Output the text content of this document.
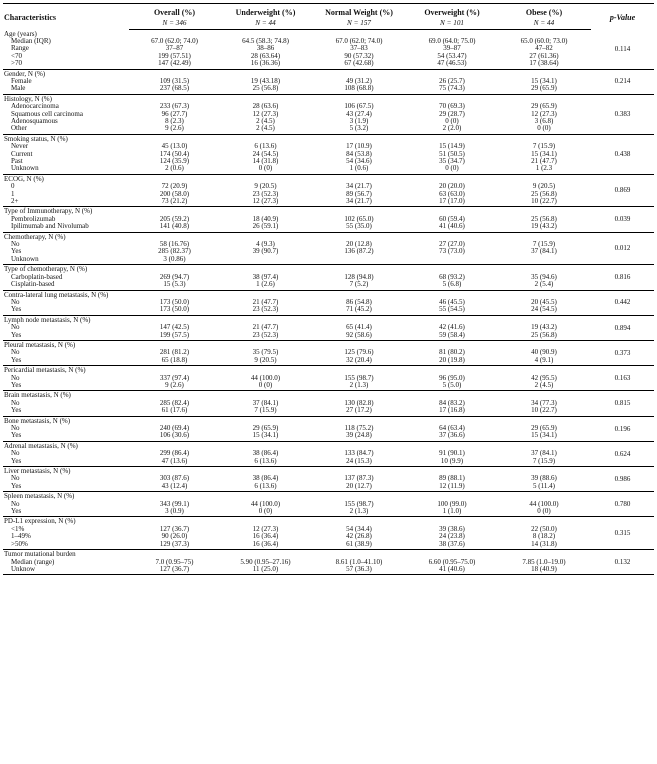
Characteristics	Overall (%)	Underweight (%)	Normal Weight (%)	Overweight (%)	Obese (%)	p-Value
	N = 346	N = 44	N = 157	N = 101	N = 44	
Age (years)						0.114
Median (IQR)	67.0 (62.0; 74.0)	64.5 (58.3; 74.8)	67.0 (62.0; 74.0)	69.0 (64.0; 75.0)	65.0 (60.0; 73.0)	
Range	37–87	38–86	37–83	39–87	47–82	
<70	199 (57.51)	28 (63.64)	90 (57.32)	54 (53.47)	27 (61.36)	
>70	147 (42.49)	16 (36.36)	67 (42.68)	47 (46.53)	17 (38.64)	
Gender, N (%)						0.214
Female	109 (31.5)	19 (43.18)	49 (31.2)	26 (25.7)	15 (34.1)	
Male	237 (68.5)	25 (56.8)	108 (68.8)	75 (74.3)	29 (65.9)	
Histology, N (%)						0.383
Adenocarcinoma	233 (67.3)	28 (63.6)	106 (67.5)	70 (69.3)	29 (65.9)	
Squamous cell carcinoma	96 (27.7)	12 (27.3)	43 (27.4)	29 (28.7)	12 (27.3)	
Adenosquamous	8 (2.3)	2 (4.5)	3 (1.9)	0 (0)	3 (6.8)	
Other	9 (2.6)	2 (4.5)	5 (3.2)	2 (2.0)	0 (0)	
Smoking status, N (%)						0.438
Never	45 (13.0)	6 (13.6)	17 (10.9)	15 (14.9)	7 (15.9)	
Current	174 (50.4)	24 (54.5)	84 (53.8)	51 (50.5)	15 (34.1)	
Past	124 (35.9)	14 (31.8)	54 (34.6)	35 (34.7)	21 (47.7)	
Unknown	2 (0.6)	0 (0)	1 (0.6)	0 (0)	1 (2.3	
ECOG, N (%)						0.869
0	72 (20.9)	9 (20.5)	34 (21.7)	20 (20.0)	9 (20.5)	
1	200 (58.0)	23 (52.3)	89 (56.7)	63 (63.0)	25 (56.8)	
2+	73 (21.2)	12 (27.3)	34 (21.7)	17 (17.0)	10 (22.7)	
Type of Immunotherapy, N (%)						0.039
Pembrolizumab	205 (59.2)	18 (40.9)	102 (65.0)	60 (59.4)	25 (56.8)	
Ipilimumab and Nivolumab	141 (40.8)	26 (59.1)	55 (35.0)	41 (40.6)	19 (43.2)	
Chemotherapy, N (%)						0.012
No	58 (16.76)	4 (9.3)	20 (12.8)	27 (27.0)	7 (15.9)	
Yes	285 (82.37)	39 (90.7)	136 (87.2)	73 (73.0)	37 (84.1)	
Unknown	3 (0.86)					
Type of chemotherapy, N (%)						0.816
Carboplatin-based	269 (94.7)	38 (97.4)	128 (94.8)	68 (93.2)	35 (94.6)	
Cisplatin-based	15 (5.3)	1 (2.6)	7 (5.2)	5 (6.8)	2 (5.4)	
Contra-lateral lung metastasis, N (%)						0.442
No	173 (50.0)	21 (47.7)	86 (54.8)	46 (45.5)	20 (45.5)	
Yes	173 (50.0)	23 (52.3)	71 (45.2)	55 (54.5)	24 (54.5)	
Lymph node metastasis, N (%)						0.894
No	147 (42.5)	21 (47.7)	65 (41.4)	42 (41.6)	19 (43.2)	
Yes	199 (57.5)	23 (52.3)	92 (58.6)	59 (58.4)	25 (56.8)	
Pleural metastasis, N (%)						0.373
No	281 (81.2)	35 (79.5)	125 (79.6)	81 (80.2)	40 (90.9)	
Yes	65 (18.8)	9 (20.5)	32 (20.4)	20 (19.8)	4 (9.1)	
Pericardial metastasis, N (%)						0.163
No	337 (97.4)	44 (100.0)	155 (98.7)	96 (95.0)	42 (95.5)	
Yes	9 (2.6)	0 (0)	2 (1.3)	5 (5.0)	2 (4.5)	
Brain metastasis, N (%)						0.815
No	285 (82.4)	37 (84.1)	130 (82.8)	84 (83.2)	34 (77.3)	
Yes	61 (17.6)	7 (15.9)	27 (17.2)	17 (16.8)	10 (22.7)	
Bone metastasis, N (%)						0.196
No	240 (69.4)	29 (65.9)	118 (75.2)	64 (63.4)	29 (65.9)	
Yes	106 (30.6)	15 (34.1)	39 (24.8)	37 (36.6)	15 (34.1)	
Adrenal metastasis, N (%)						0.624
No	299 (86.4)	38 (86.4)	133 (84.7)	91 (90.1)	37 (84.1)	
Yes	47 (13.6)	6 (13.6)	24 (15.3)	10 (9.9)	7 (15.9)	
Liver metastasis, N (%)						0.986
No	303 (87.6)	38 (86.4)	137 (87.3)	89 (88.1)	39 (88.6)	
Yes	43 (12.4)	6 (13.6)	20 (12.7)	12 (11.9)	5 (11.4)	
Spleen metastasis, N (%)						0.780
No	343 (99.1)	44 (100.0)	155 (98.7)	100 (99.0)	44 (100.0)	
Yes	3 (0.9)	0 (0)	2 (1.3)	1 (1.0)	0 (0)	
PD-L1 expression, N (%)						0.315
<1%	127 (36.7)	12 (27.3)	54 (34.4)	39 (38.6)	22 (50.0)	
1–49%	90 (26.0)	16 (36.4)	42 (26.8)	24 (23.8)	8 (18.2)	
>50%	129 (37.3)	16 (36.4)	61 (38.9)	38 (37.6)	14 (31.8)	
Tumor mutational burden						0.132
Median (range)	7.0 (0.95–75)	5.90 (0.95–27.16)	8.61 (1.0–41.10)	6.60 (0.95–75.0)	7.85 (1.0–19.0)	
Unknow	127 (36.7)	11 (25.0)	57 (36.3)	41 (40.6)	18 (40.9)	
